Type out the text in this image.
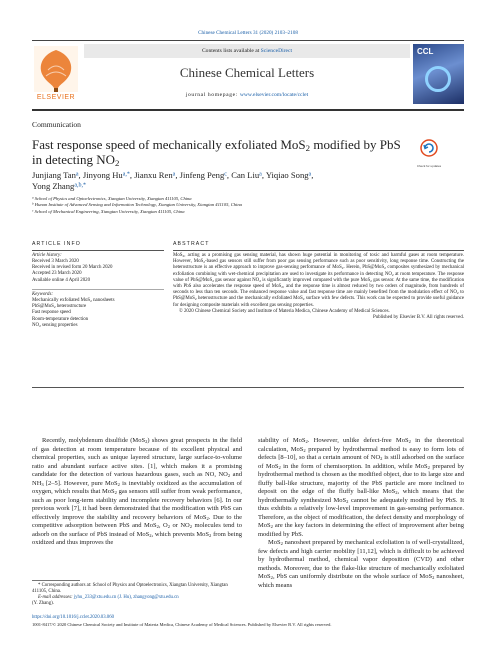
Chinese Chemical Letters 31 (2020) 2103–2108
ELSEVIER
Contents lists available at ScienceDirect
Chinese Chemical Letters
journal homepage: www.elsevier.com/locate/cclet
CCL
Communication
Fast response speed of mechanically exfoliated MoS$_2$ modified by PbS in detecting $NO_2$	Check for updates
Junjiang Tan$^a$, Jinyong $Hu^{a,*}$, Jianxu Ren$^a$, Jinfeng Peng$^c$, Can Liu$^a$, Yiqiao Song$^a$,
Yong Zhang$^{a,b,*}$
$^a$ School of Physics and Optoelectronics, Xiangtan University, Xiangtan 411105, China
$^b$ Hunan Institute of Advanced Sensing and Information Technology, Xiangtan University, Xiangtan 411105, China
$^c$ School of Mechanical Engineering, Xiangtan University, Xiangtan 411105, China
ARTICLE INFO	ABSTRACT
Article history:
Received 3 March 2020
Received in revised form 20 March 2020
Accepted 23 March 2020
Available online 4 April 2020
Keywords:
Mechanically exfoliated MoS$_2$ nanosheets
PbS@MoS$_2$ heterostructure
Fast response speed
Room-temperature detection
$NO_2$ sensing properties

MoS$_2$, acting as a promising gas sensing material, has shown huge potential in monitoring of toxic and harmful gases at room temperature. However, MoS$_2$-based gas sensors still suffer from poor gas sensing performance such as poor sensitivity, long response time. Constructing the heterostructure is an effective approach to improve gas-sensing performance of MoS$_2$. Herein, PbS@MoS$_2$ composites synthesized by mechanical exfoliation combining with wet-chemical precipitation are used to investigate its performance in detecting $NO_2$ at room temperature. The response value of PbS@MoS$_2$ gas sensor against $NO_2$ is significantly improved compared with the pure MoS$_2$ gas sensor. At the same time, the modification with PbS also accelerates the response speed of MoS$_2$, and the response time is almost reduced by two orders of magnitude, from hundreds of seconds to less than ten seconds. The enhanced response value and fast response time are mainly benefited from the modulation effect of $NO_2$ to PbS@MoS$_2$ heterostructure and the mechanically exfoliated MoS$_2$ surface with few defects. This work can be expected to provide useful guidance for designing composite materials with excellent gas sensing properties.

© 2020 Chinese Chemical Society and Institute of Materia Medica, Chinese Academy of Medical Sciences.

Published by Elsevier B.V. All rights reserved.

Recently, molybdenum disulfide (MoS$_2$) shows great prospects in the field of gas detection at room temperature because of its excellent physical and chemical properties, such as unique layered structure, large surface-to-volume ratio and abundant surface active sites. [1], which makes it a promising candidate for the detection of various hazardous gases, such as NO, $NO_2$ and $NH_3$ [2–5]. However, pure MoS$_2$ is inevitably oxidized as the accumulation of oxygen, which results that MoS$_2$ gas sensors still suffer from weak performance, such as poor long-term stability and incomplete recovery behaviors [6]. In our previous work [7], it had been demonstrated that the modification with PbS can effectively improve the stability and recovery behaviors of MoS$_2$. Due to the competitive adsorption between PbS and MoS$_2$, $O_2$ or $NO_2$ molecules tend to adsorb on the surface of PbS instead of MoS$_2$, which prevents MoS$_2$ from being oxidized and thus improves the

stability of MoS$_2$. However, unlike defect-free MoS$_2$ in the theoretical calculation, MoS$_2$ prepared by hydrothermal method is easy to form lots of defects [8–10], so that a certain amount of $NO_2$ is still adsorbed on the surface of MoS$_2$ in the form of chemisorption. In addition, while MoS$_2$ prepared by hydrothermal method is chosen as the modified object, due to its large size and fluffy ball-like structure, majority of the PbS particle are more inclined to deposit on the edge of the fluffy ball-like MoS$_2$, which means that the hydrothermally synthesized MoS$_2$ cannot be adequately modified by PbS. It thus exhibits a relatively low-level improvement in gas-sensing performance. Therefore, as the object of modification, the defect density and morphology of MoS$_2$ are the key factors in determining the effect of improvement after being modified by PbS.

MoS$_2$ nanosheet prepared by mechanical exfoliation is of well-crystallized, few defects and high carrier mobility [11,12], which is difficult to be achieved by hydrothermal method, chemical vapor deposition (CVD) and other methods. Moreover, due to the flake-like structure of mechanically exfoliated MoS$_2$, PbS can uniformly distribute on the whole surface of MoS$_2$ nanosheet, which means

* Corresponding authors at: School of Physics and Optoelectronics, Xiangtan University, Xiangtan 411105, China.

E-mail addresses: jyhu_233@xtu.edu.cn (J. Hu), zhangyong@xtu.edu.cn

(Y. Zhang).

https://doi.org/10.1016/j.cclet.2020.03.060
1001-8417/© 2020 Chinese Chemical Society and Institute of Materia Medica, Chinese Academy of Medical Sciences. Published by Elsevier B.V. All rights reserved.
